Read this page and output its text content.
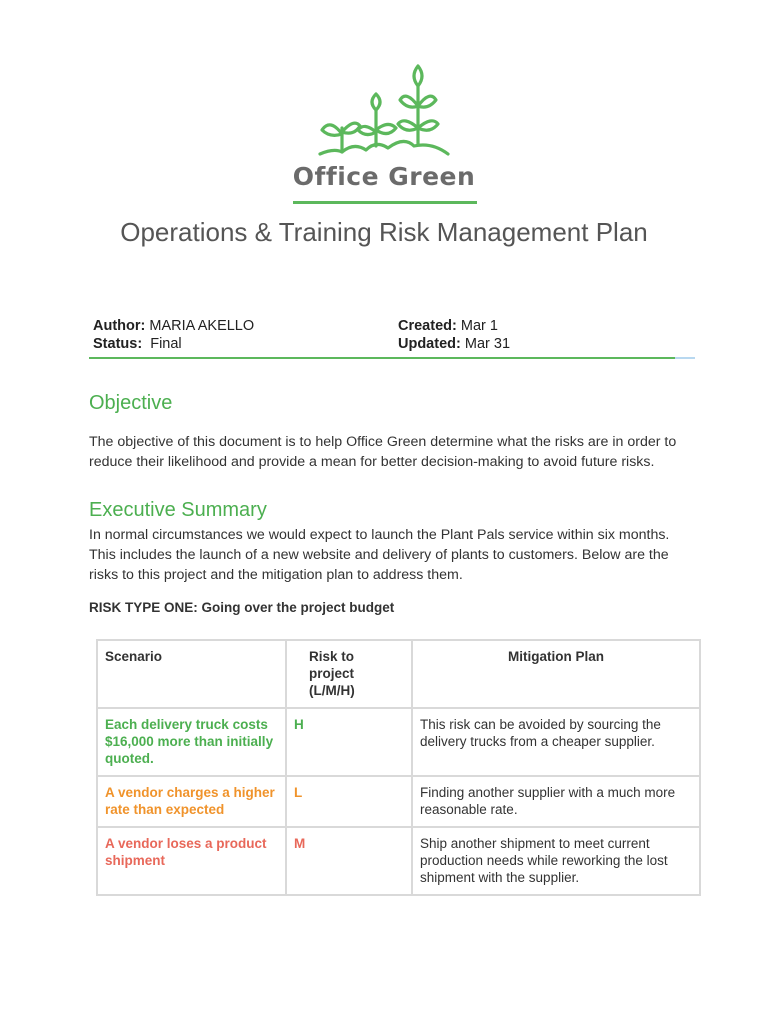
Office Green
Operations & Training Risk Management Plan
Author: MARIA AKELLO
Status: Final
Created: Mar 1
Updated: Mar 31
Objective

The objective of this document is to help Office Green determine what the risks are in order to reduce their likelihood and provide a mean for better decision-making to avoid future risks.

Executive Summary

In normal circumstances we would expect to launch the Plant Pals service within six months. This includes the launch of a new website and delivery of plants to customers. Below are the risks to this project and the mitigation plan to address them.

RISK TYPE ONE: Going over the project budget

Scenario	Risk to project (L/M/H)	Mitigation Plan
Each delivery truck costs $16,000 more than initially quoted.	H	This risk can be avoided by sourcing the delivery trucks from a cheaper supplier.
A vendor charges a higher rate than expected	L	Finding another supplier with a much more reasonable rate.
A vendor loses a product shipment	M	Ship another shipment to meet current production needs while reworking the lost shipment with the supplier.
